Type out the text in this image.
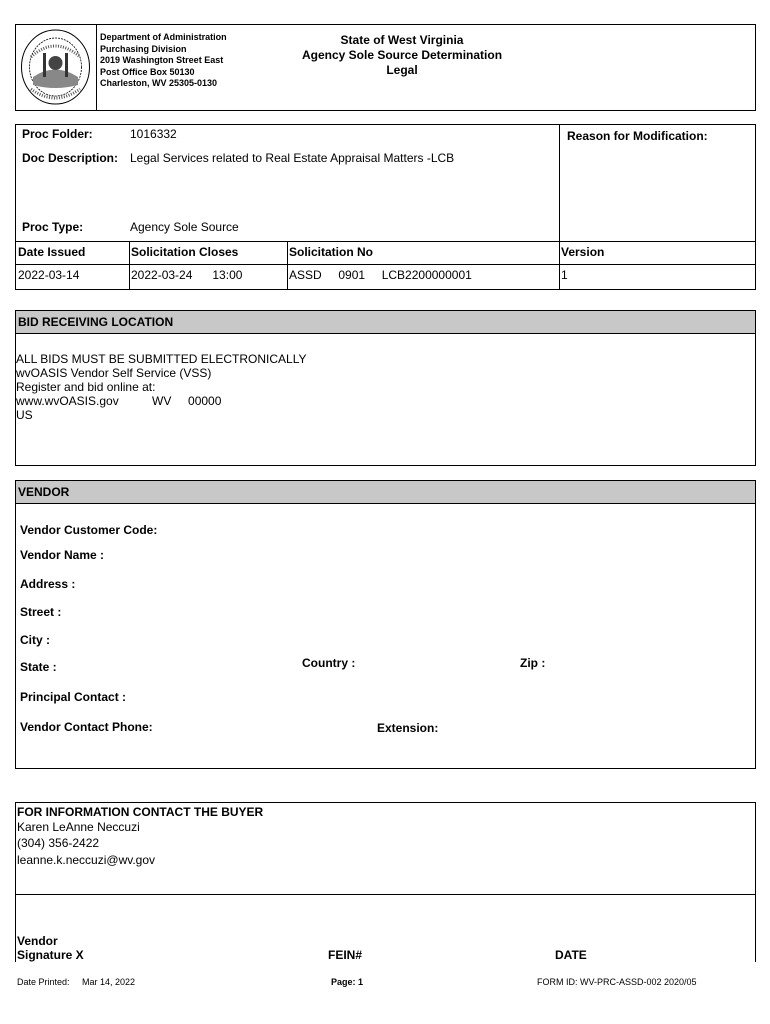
Department of Administration
Purchasing Division
2019 Washington Street East
Post Office Box 50130
Charleston, WV 25305-0130
State of West Virginia
Agency Sole Source Determination
Legal
Proc Folder:	1016332
Doc Description: Legal Services related to Real Estate Appraisal Matters -LCB
Proc Type:	Agency Sole Source
Reason for Modification:
Date Issued	Solicitation Closes	Solicitation No	Version
2022-03-14	2022-03-24      13:00	ASSD     0901     LCB2200000001	1
BID RECEIVING LOCATION
ALL BIDS MUST BE SUBMITTED ELECTRONICALLY
wvOASIS Vendor Self Service (VSS)
Register and bid online at:
www.wvOASIS.gov          WV     00000
US
VENDOR
Vendor Customer Code:
Vendor Name :
Address :
Street :
City :
State :	Country :	Zip :
Principal Contact :
Vendor Contact Phone:	Extension:
FOR INFORMATION CONTACT THE BUYER
Karen LeAnne Neccuzi
(304) 356-2422
leanne.k.neccuzi@wv.gov
Vendor
Signature X	FEIN#	DATE
Date Printed: Mar 14, 2022	Page: 1	FORM ID: WV-PRC-ASSD-002 2020/05
